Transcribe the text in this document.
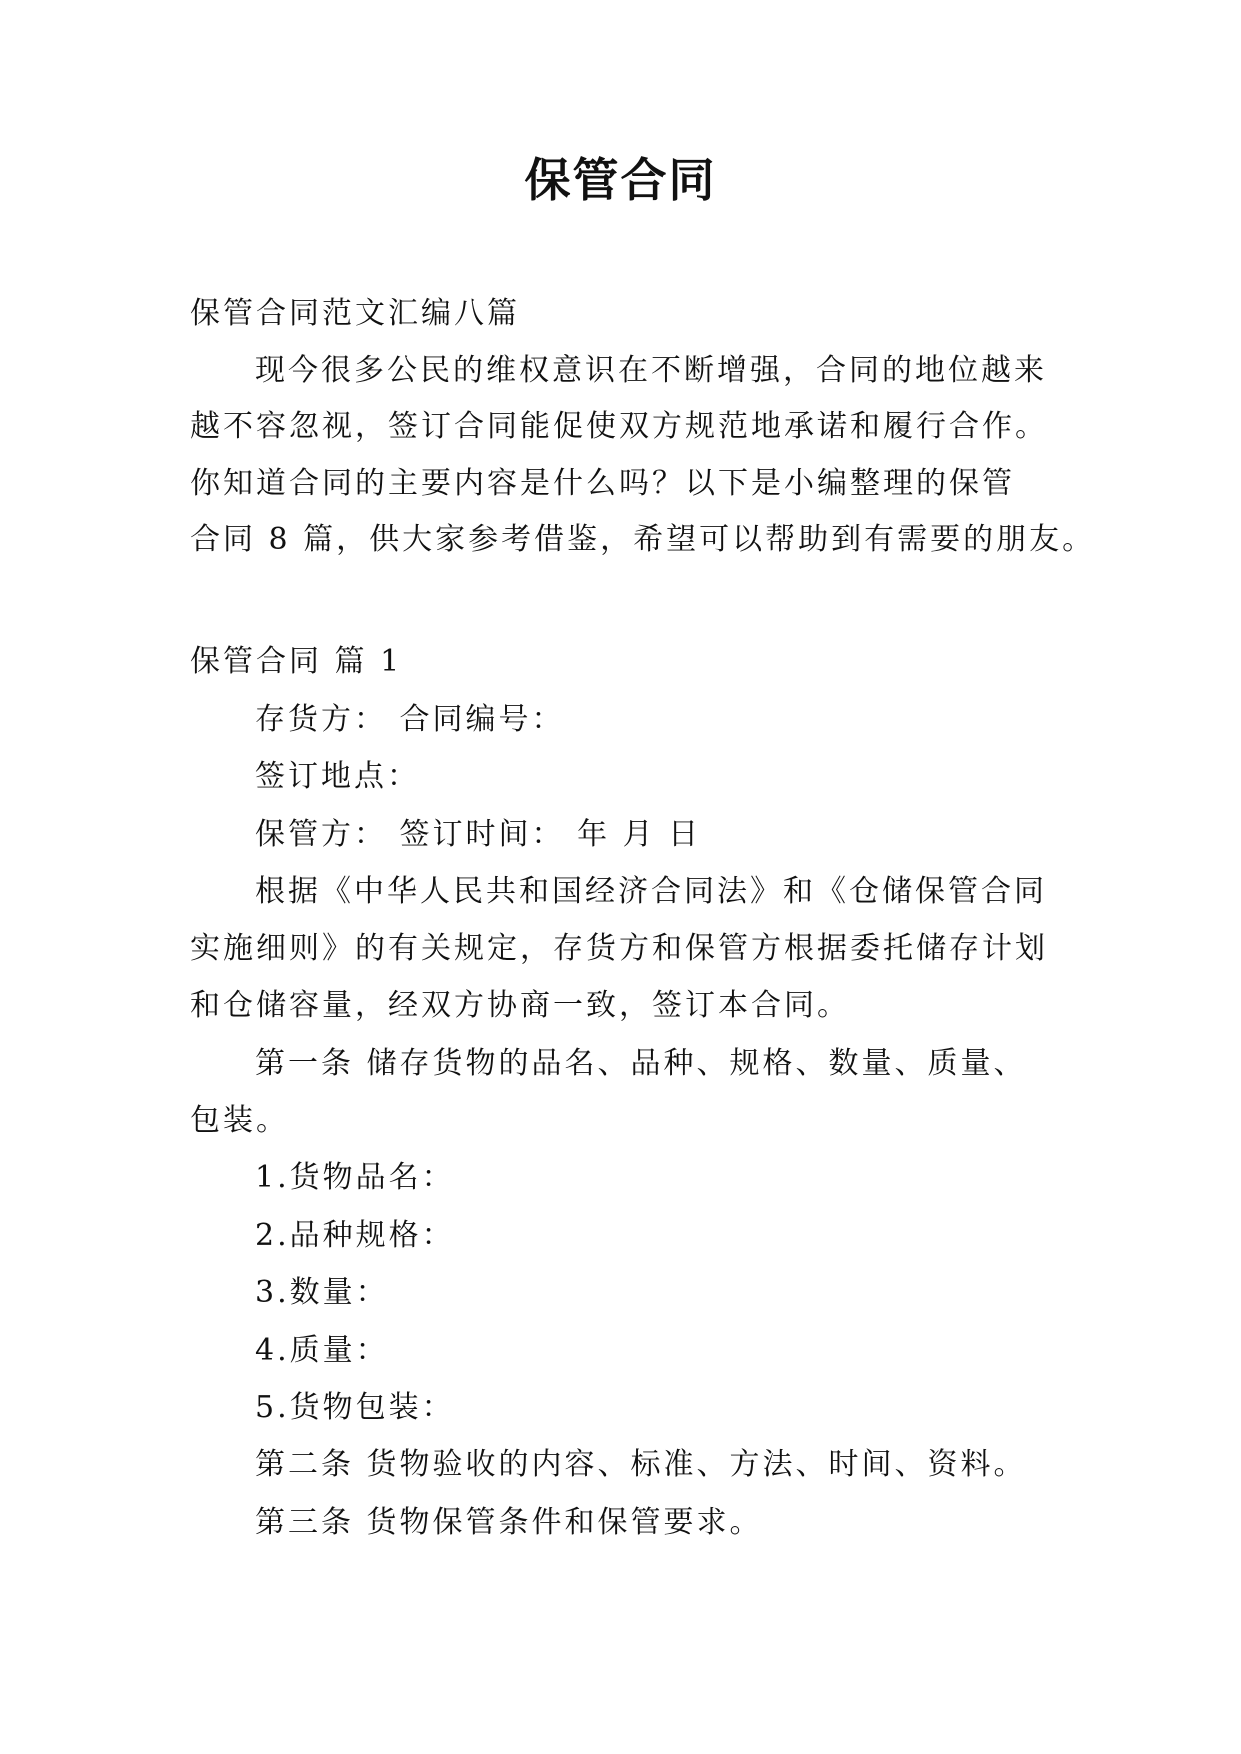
保管合同
保管合同范文汇编八篇
现今很多公民的维权意识在不断增强，合同的地位越来
越不容忽视，签订合同能促使双方规范地承诺和履行合作。
你知道合同的主要内容是什么吗？以下是小编整理的保管
合同 8 篇，供大家参考借鉴，希望可以帮助到有需要的朋友。
保管合同 篇 1
存货方： 合同编号：
签订地点：
保管方： 签订时间： 年 月 日
根据《中华人民共和国经济合同法》和《仓储保管合同
实施细则》的有关规定，存货方和保管方根据委托储存计划
和仓储容量，经双方协商一致，签订本合同。
第一条 储存货物的品名、品种、规格、数量、质量、
包装。
1.货物品名：
2.品种规格：
3.数量：
4.质量：
5.货物包装：
第二条 货物验收的内容、标准、方法、时间、资料。
第三条 货物保管条件和保管要求。
